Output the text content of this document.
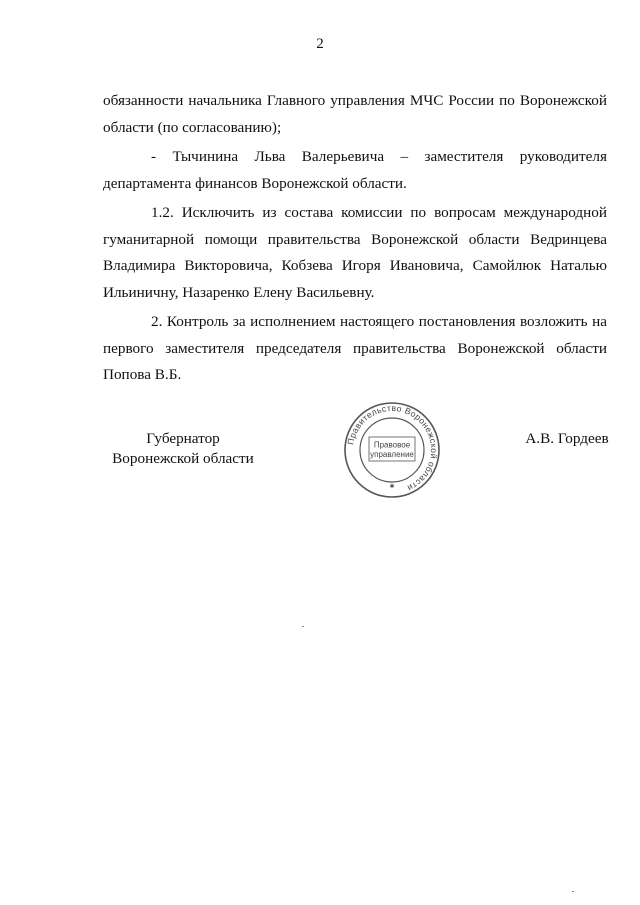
2

обязанности начальника Главного управления МЧС России по Воронежской области (по согласованию);

- Тычинина Льва Валерьевича – заместителя руководителя департамента финансов Воронежской области.

1.2. Исключить из состава комиссии по вопросам международной гуманитарной помощи правительства Воронежской области Ведринцева Владимира Викторовича, Кобзева Игоря Ивановича, Самойлюк Наталью Ильиничну, Назаренко Елену Васильевну.

2. Контроль за исполнением настоящего постановления возложить на первого заместителя председателя правительства Воронежской области Попова В.Б.

Губернатор
Воронежской области
А.В. Гордеев
Правительство Воронежской области
Правовое
управление
✱
